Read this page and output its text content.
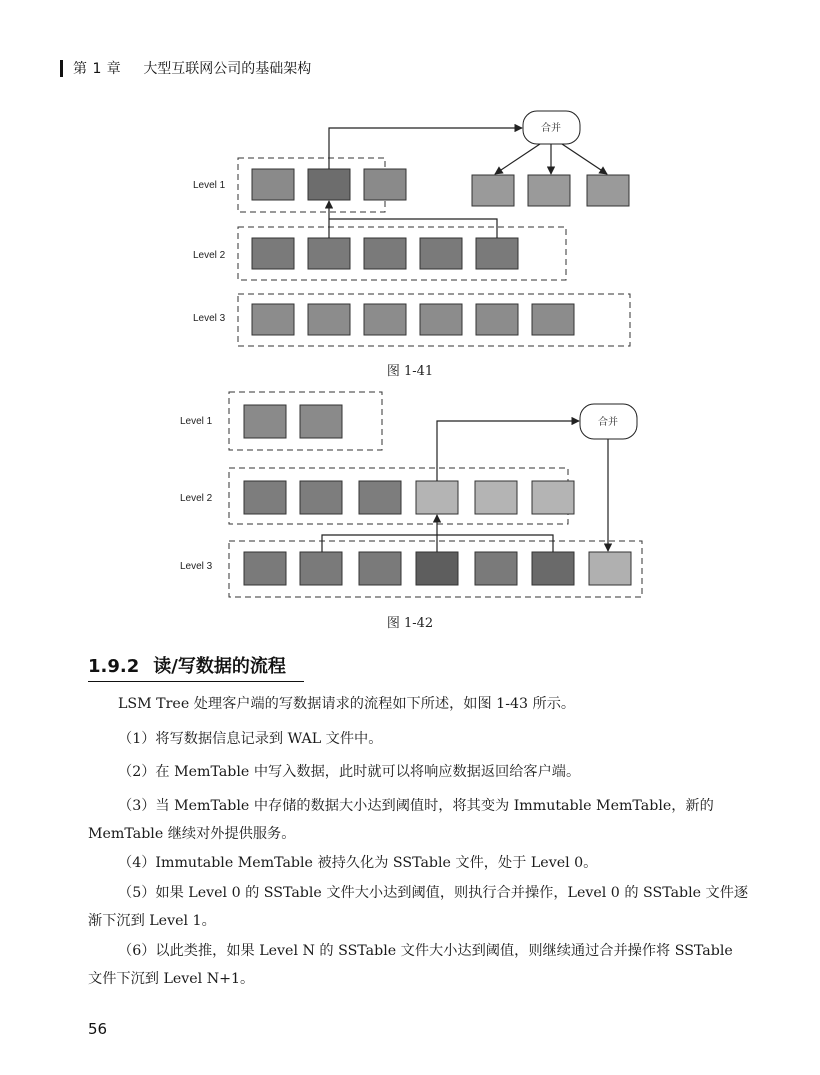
第 1 章 大型互联网公司的基础架构
Level 1
Level 2
Level 3
合并
图 1-41
Level 1
Level 2
Level 3
合并
图 1-42
1.9.2 读/写数据的流程

LSM Tree 处理客户端的写数据请求的流程如下所述，如图 1-43 所示。

（1）将写数据信息记录到 WAL 文件中。

（2）在 MemTable 中写入数据，此时就可以将响应数据返回给客户端。

（3）当 MemTable 中存储的数据大小达到阈值时，将其变为 Immutable MemTable，新的 MemTable 继续对外提供服务。

（4）Immutable MemTable 被持久化为 SSTable 文件，处于 Level 0。

（5）如果 Level 0 的 SSTable 文件大小达到阈值，则执行合并操作，Level 0 的 SSTable 文件逐渐下沉到 Level 1。

（6）以此类推，如果 Level N 的 SSTable 文件大小达到阈值，则继续通过合并操作将 SSTable 文件下沉到 Level N+1。

56
